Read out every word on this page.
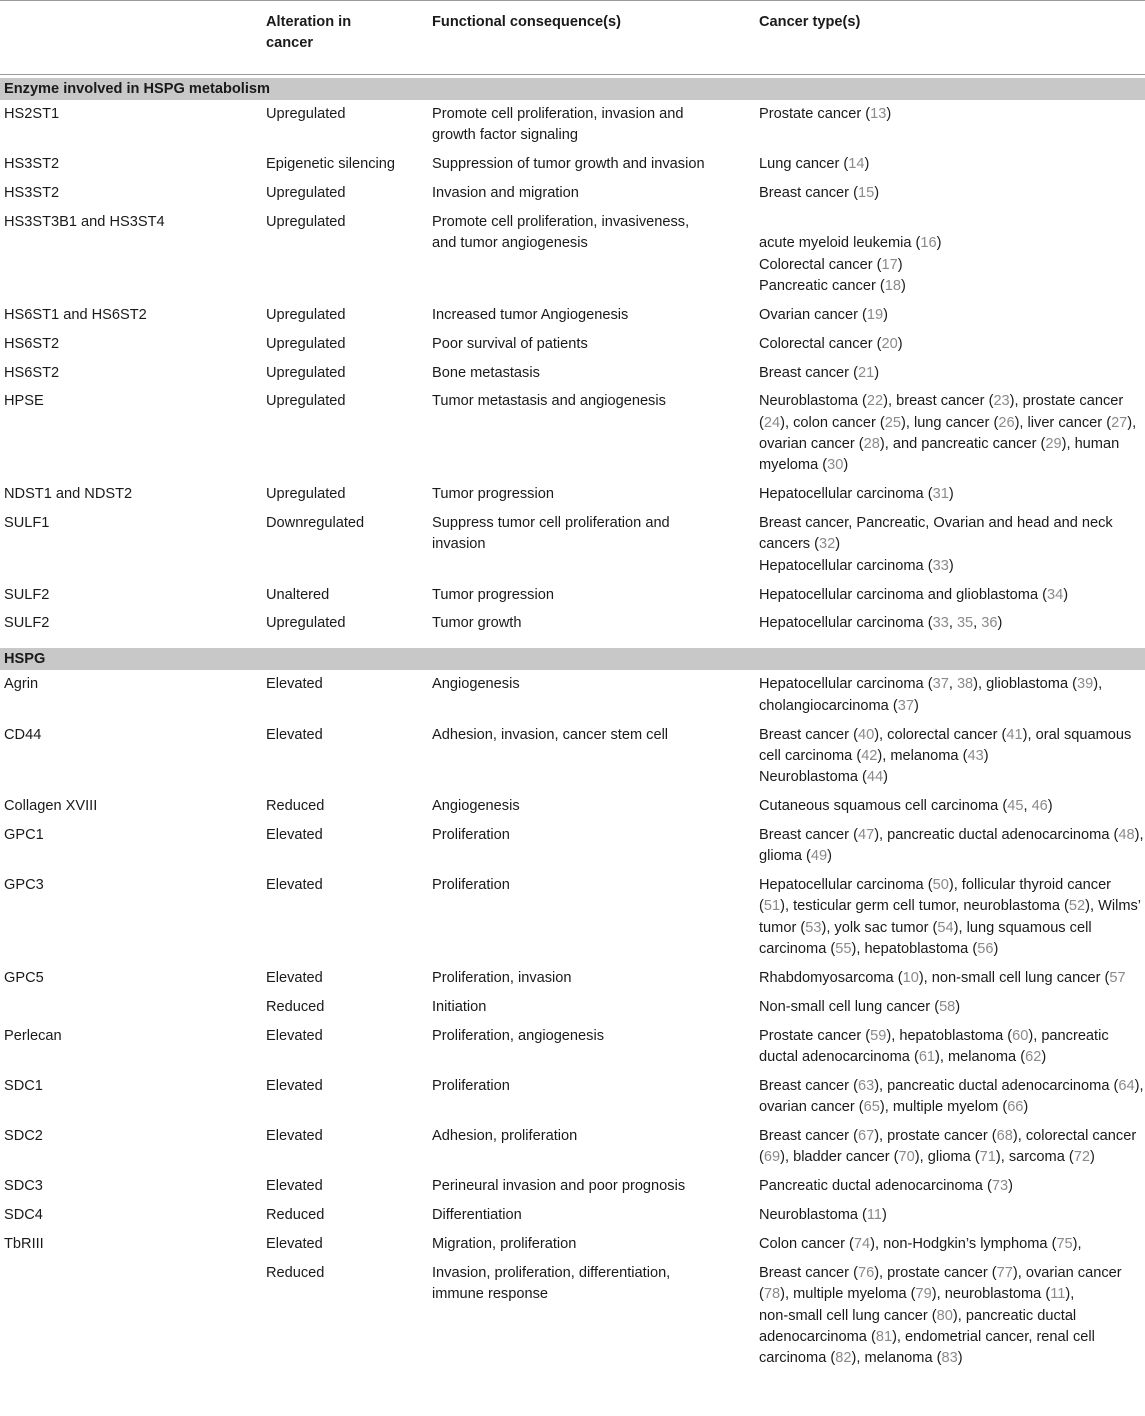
	Alteration in cancer	Functional consequence(s)	Cancer type(s)

Enzyme involved in HSPG metabolism			

HS2ST1	Upregulated	Promote cell proliferation, invasion and growth factor signaling	Prostate cancer (13)
HS3ST2	Epigenetic silencing	Suppression of tumor growth and invasion	Lung cancer (14)
HS3ST2	Upregulated	Invasion and migration	Breast cancer (15)
HS3ST3B1 and HS3ST4	Upregulated	Promote cell proliferation, invasiveness, and tumor angiogenesis	acute myeloid leukemia (16)
Colorectal cancer (17)
Pancreatic cancer (18)
HS6ST1 and HS6ST2	Upregulated	Increased tumor Angiogenesis	Ovarian cancer (19)
HS6ST2	Upregulated	Poor survival of patients	Colorectal cancer (20)
HS6ST2	Upregulated	Bone metastasis	Breast cancer (21)
HPSE	Upregulated	Tumor metastasis and angiogenesis	Neuroblastoma (22), breast cancer (23), prostate cancer (24), colon cancer (25), lung cancer (26), liver cancer (27), ovarian cancer (28), and pancreatic cancer (29), human myeloma (30)
NDST1 and NDST2	Upregulated	Tumor progression	Hepatocellular carcinoma (31)
SULF1	Downregulated	Suppress tumor cell proliferation and invasion	Breast cancer, Pancreatic, Ovarian and head and neck cancers (32)
Hepatocellular carcinoma (33)
SULF2	Unaltered	Tumor progression	Hepatocellular carcinoma and glioblastoma (34)
SULF2	Upregulated	Tumor growth	Hepatocellular carcinoma (33, 35, 36)

HSPG			

Agrin	Elevated	Angiogenesis	Hepatocellular carcinoma (37, 38), glioblastoma (39), cholangiocarcinoma (37)
CD44	Elevated	Adhesion, invasion, cancer stem cell	Breast cancer (40), colorectal cancer (41), oral squamous cell carcinoma (42), melanoma (43)
Neuroblastoma (44)
Collagen XVIII	Reduced	Angiogenesis	Cutaneous squamous cell carcinoma (45, 46)
GPC1	Elevated	Proliferation	Breast cancer (47), pancreatic ductal adenocarcinoma (48), glioma (49)
GPC3	Elevated	Proliferation	Hepatocellular carcinoma (50), follicular thyroid cancer (51), testicular germ cell tumor, neuroblastoma (52), Wilms’ tumor (53), yolk sac tumor (54), lung squamous cell carcinoma (55), hepatoblastoma (56)
GPC5	Elevated	Proliferation, invasion	Rhabdomyosarcoma (10), non-small cell lung cancer (57
	Reduced	Initiation	Non-small cell lung cancer (58)
Perlecan	Elevated	Proliferation, angiogenesis	Prostate cancer (59), hepatoblastoma (60), pancreatic ductal adenocarcinoma (61), melanoma (62)
SDC1	Elevated	Proliferation	Breast cancer (63), pancreatic ductal adenocarcinoma (64), ovarian cancer (65), multiple myelom (66)
SDC2	Elevated	Adhesion, proliferation	Breast cancer (67), prostate cancer (68), colorectal cancer (69), bladder cancer (70), glioma (71), sarcoma (72)
SDC3	Elevated	Perineural invasion and poor prognosis	Pancreatic ductal adenocarcinoma (73)
SDC4	Reduced	Differentiation	Neuroblastoma (11)
TbRIII	Elevated	Migration, proliferation	Colon cancer (74), non-Hodgkin’s lymphoma (75),
	Reduced	Invasion, proliferation, differentiation, immune response	Breast cancer (76), prostate cancer (77), ovarian cancer (78), multiple myeloma (79), neuroblastoma (11),
non-small cell lung cancer (80), pancreatic ductal adenocarcinoma (81), endometrial cancer, renal cell carcinoma (82), melanoma (83)
